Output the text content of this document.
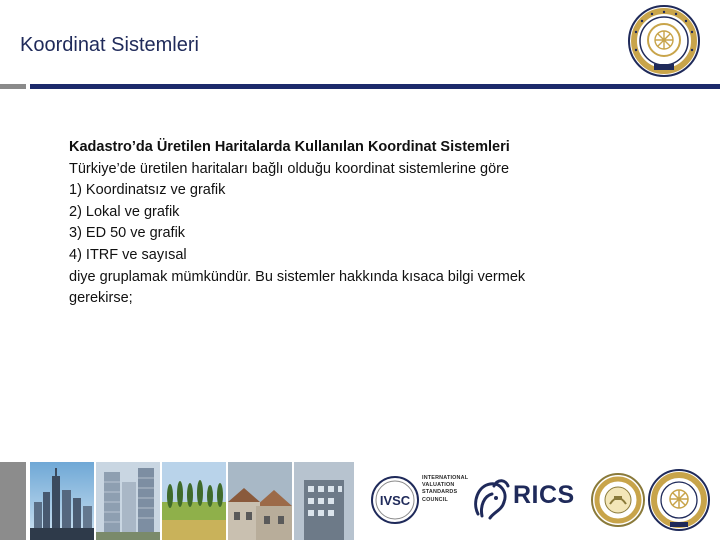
Koordinat Sistemleri
Kadastro’da Üretilen Haritalarda Kullanılan Koordinat Sistemleri
Türkiye’de üretilen haritaları bağlı olduğu koordinat sistemlerine göre
1) Koordinatsız ve grafik
2) Lokal ve grafik
3) ED 50 ve grafik
4) ITRF ve sayısal
diye gruplamak mümkündür. Bu sistemler hakkında kısaca bilgi vermek
gerekirse;
IVSC
INTERNATIONAL
VALUATION
STANDARDS
COUNCIL	RICS
